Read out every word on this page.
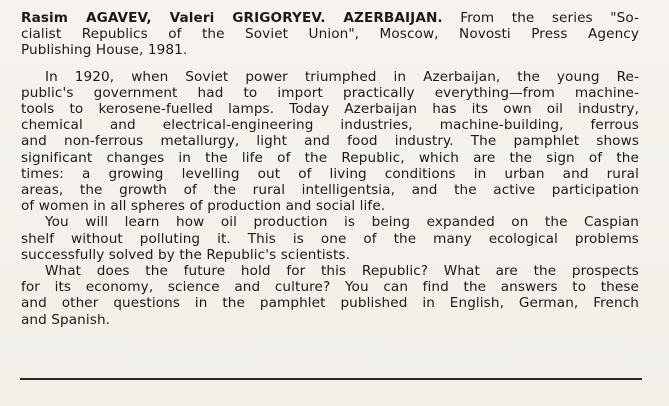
Rasim AGAVEV, Valeri GRIGORYEV. AZERBAIJAN. From the series "So-
cialist Republics of the Soviet Union", Moscow, Novosti Press Agency
Publishing House, 1981.
In 1920, when Soviet power triumphed in Azerbaijan, the young Re-
public's government had to import practically everything—from machine-
tools to kerosene-fuelled lamps. Today Azerbaijan has its own oil industry,
chemical and electrical-engineering industries, machine-building, ferrous
and non-ferrous metallurgy, light and food industry. The pamphlet shows
significant changes in the life of the Republic, which are the sign of the
times: a growing levelling out of living conditions in urban and rural
areas, the growth of the rural intelligentsia, and the active participation
of women in all spheres of production and social life.
You will learn how oil production is being expanded on the Caspian
shelf without polluting it. This is one of the many ecological problems
successfully solved by the Republic's scientists.
What does the future hold for this Republic? What are the prospects
for its economy, science and culture? You can find the answers to these
and other questions in the pamphlet published in English, German, French
and Spanish.
